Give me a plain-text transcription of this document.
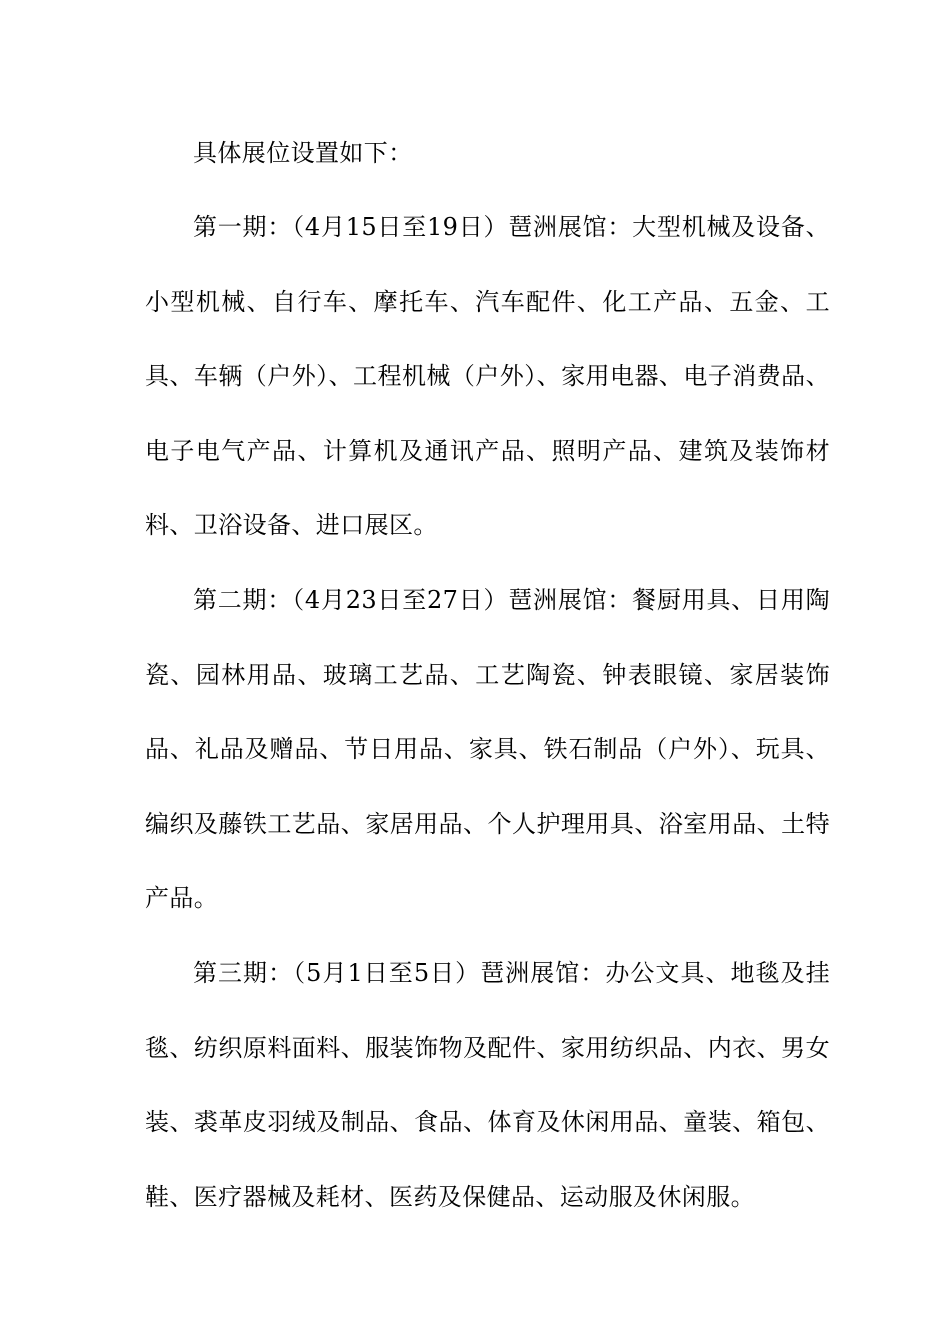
具体展位设置如下：

第一期：（4月15日至19日）琶洲展馆：大型机械及设备、小型机械、自行车、摩托车、汽车配件、化工产品、五金、工具、车辆（户外）、工程机械（户外）、家用电器、电子消费品、电子电气产品、计算机及通讯产品、照明产品、建筑及装饰材料、卫浴设备、进口展区。

第二期：（4月23日至27日）琶洲展馆：餐厨用具、日用陶瓷、园林用品、玻璃工艺品、工艺陶瓷、钟表眼镜、家居装饰品、礼品及赠品、节日用品、家具、铁石制品（户外）、玩具、编织及藤铁工艺品、家居用品、个人护理用具、浴室用品、土特产品。

第三期：（5月1日至5日）琶洲展馆：办公文具、地毯及挂毯、纺织原料面料、服装饰物及配件、家用纺织品、内衣、男女装、裘革皮羽绒及制品、食品、体育及休闲用品、童装、箱包、鞋、医疗器械及耗材、医药及保健品、运动服及休闲服。
